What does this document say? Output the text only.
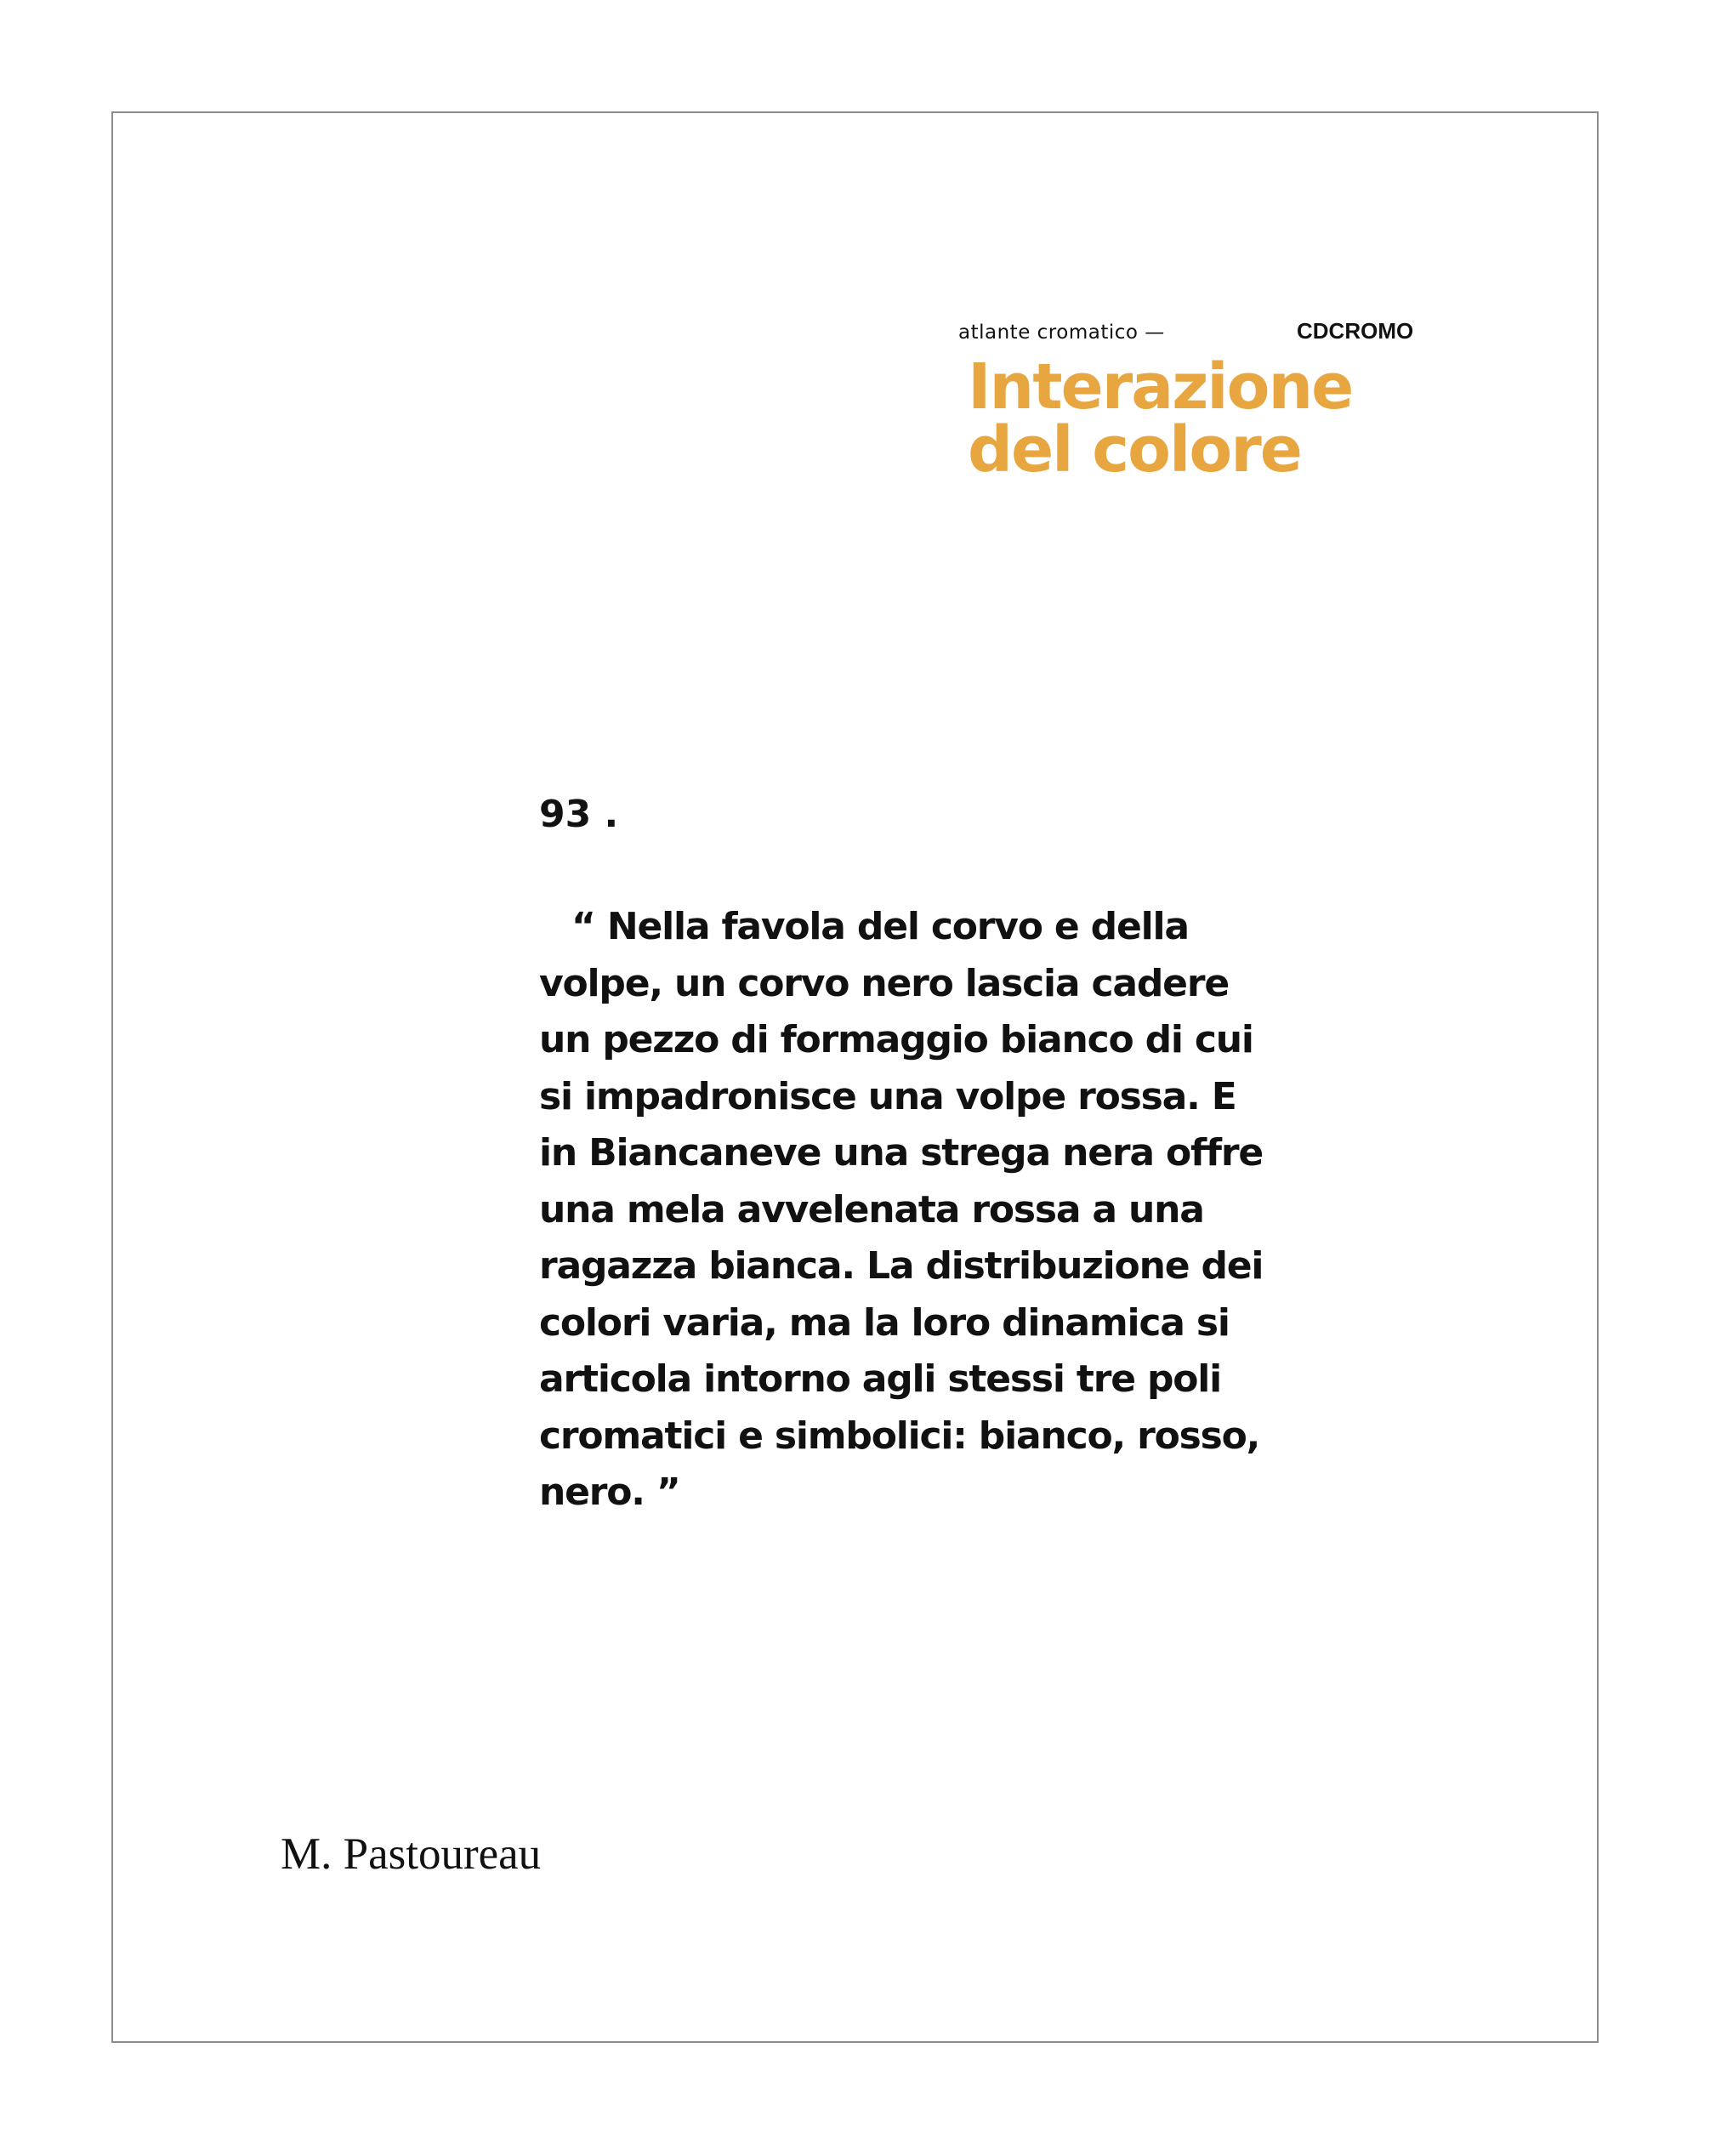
atlante cromatico —	CDCROMO
Interazione
del colore
93 .
“ Nella favola del corvo e della
volpe, un corvo nero lascia cadere
un pezzo di formaggio bianco di cui
si impadronisce una volpe rossa. E
in Biancaneve una strega nera offre
una mela avvelenata rossa a una
ragazza bianca. La distribuzione dei
colori varia, ma la loro dinamica si
articola intorno agli stessi tre poli
cromatici e simbolici: bianco, rosso,
nero. ”
M. Pastoureau
